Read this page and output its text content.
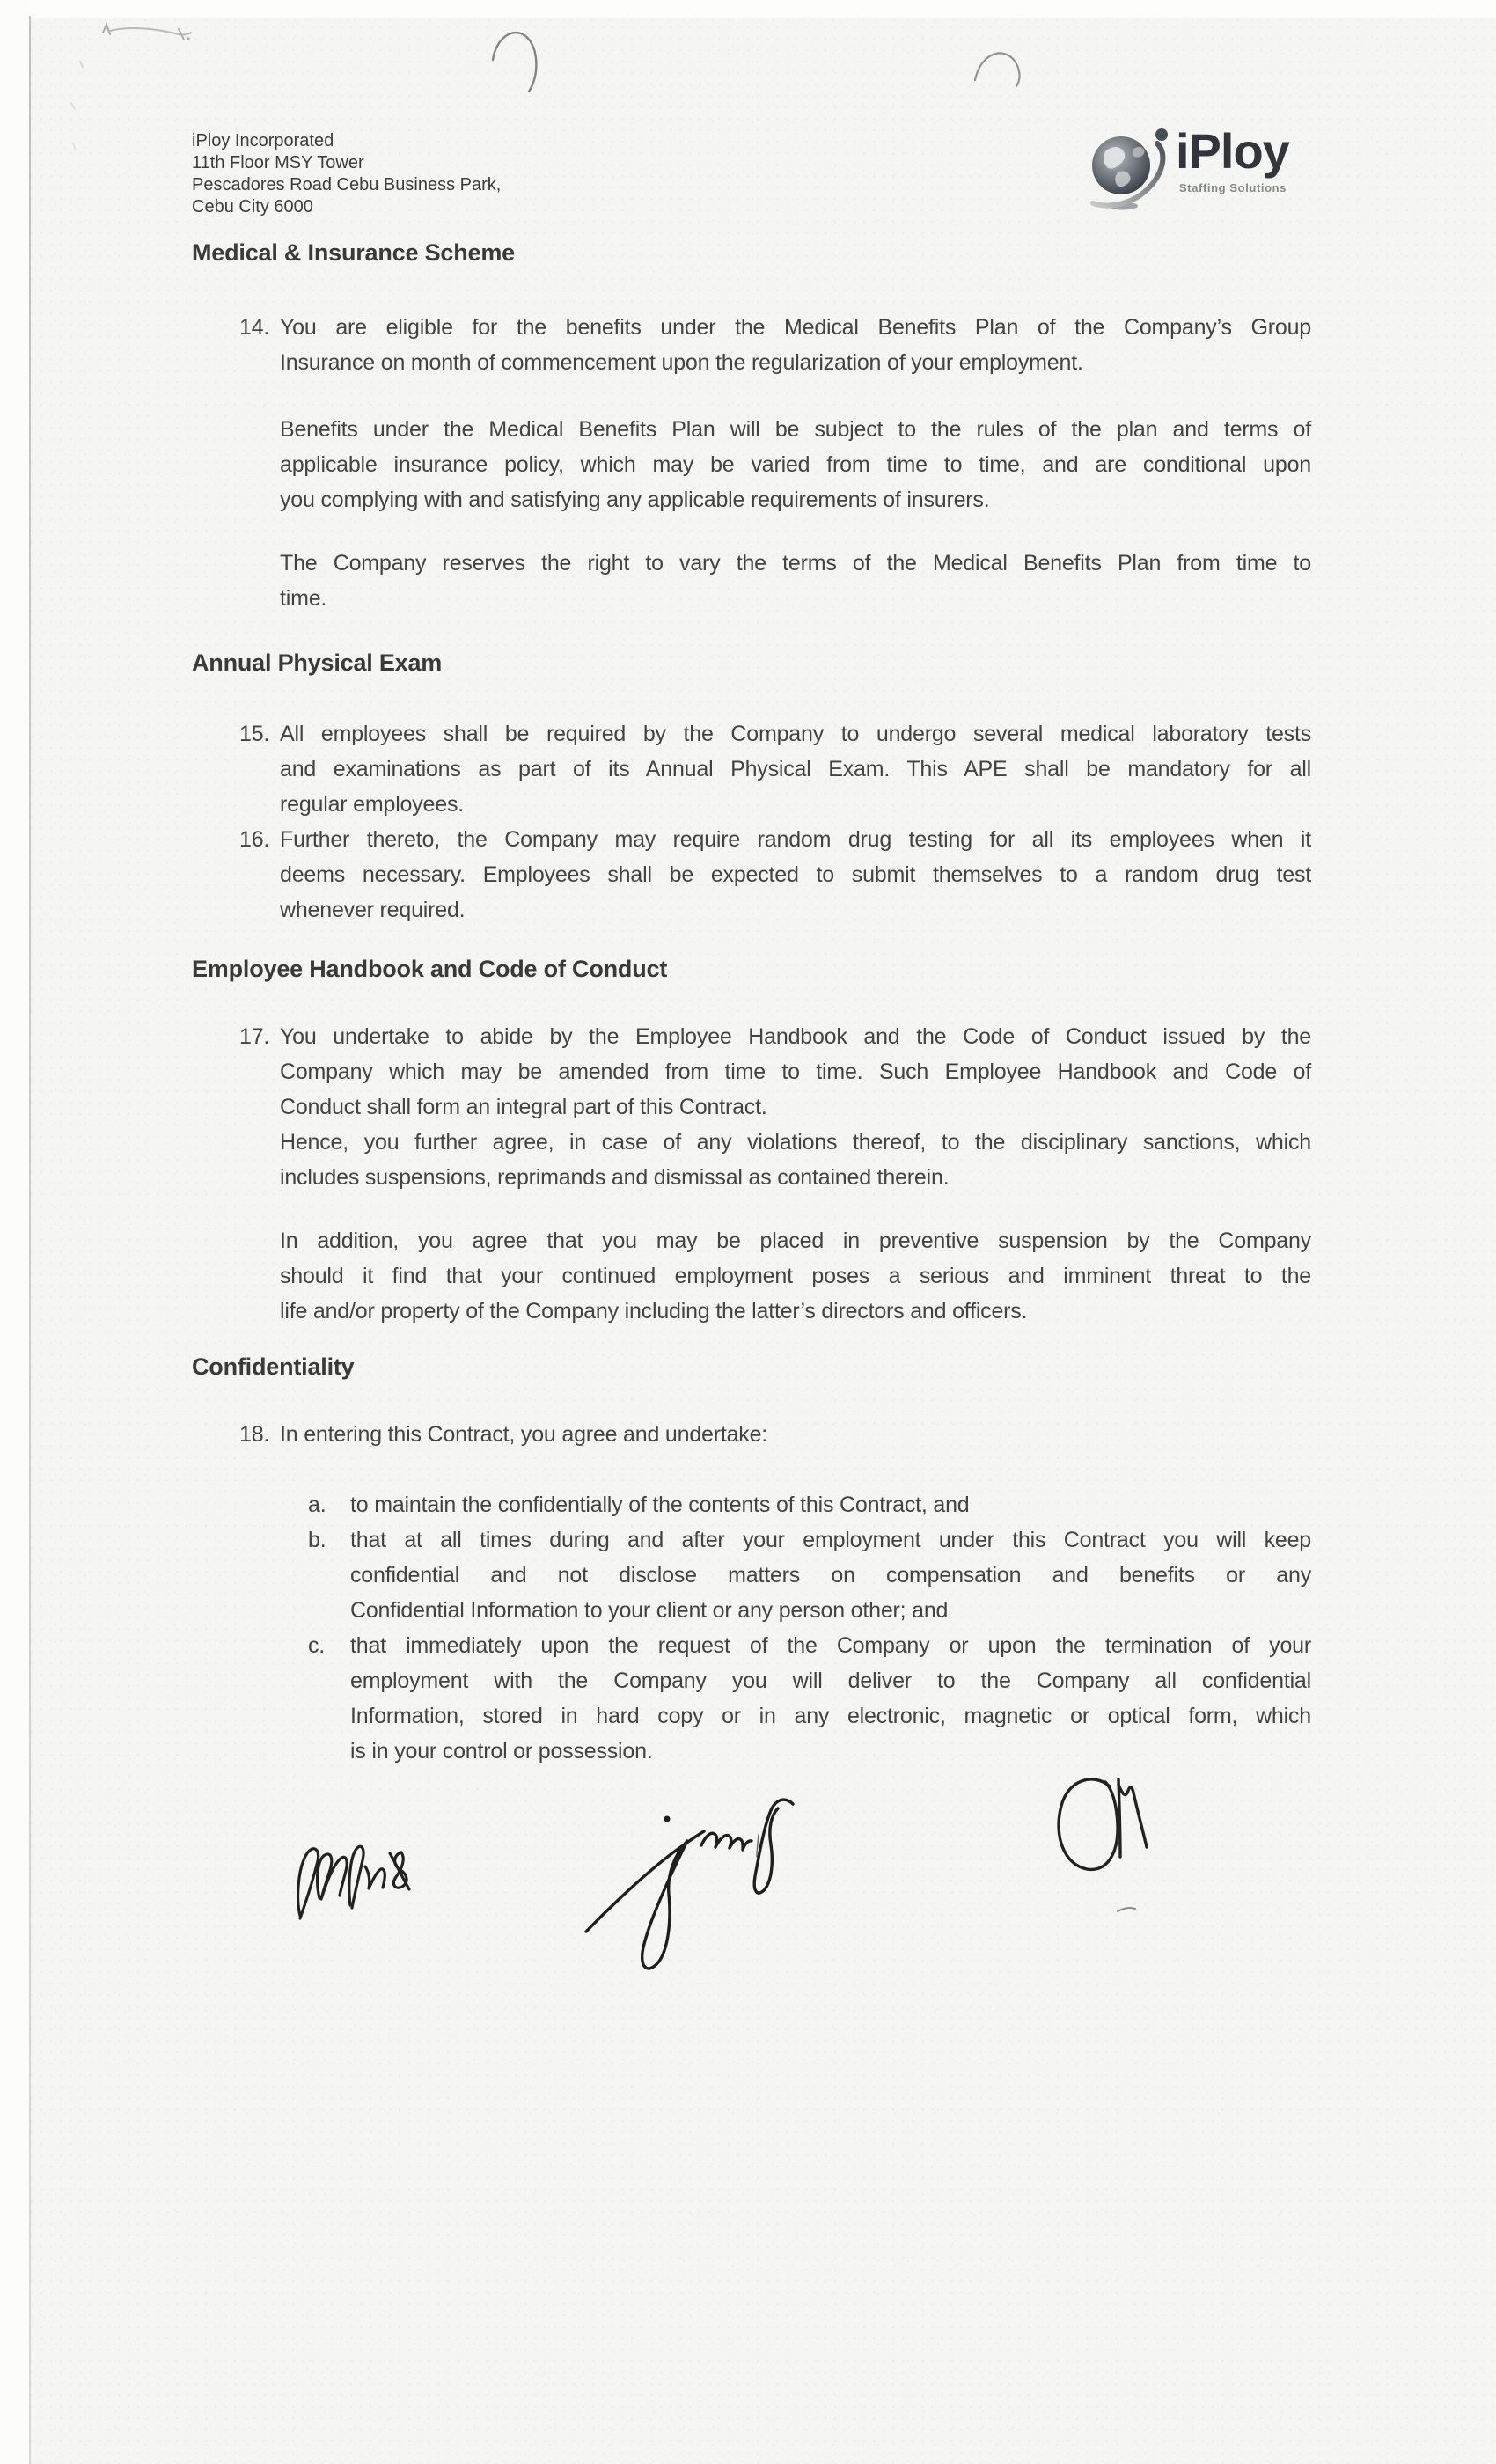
iPloy Incorporated
11th Floor MSY Tower
Pescadores Road Cebu Business Park,
Cebu City 6000
iPloy
Staffing Solutions
Medical & Insurance Scheme
14. You are eligible for the benefits under the Medical Benefits Plan of the Company’s Group
Insurance on month of commencement upon the regularization of your employment.
Benefits under the Medical Benefits Plan will be subject to the rules of the plan and terms of
applicable insurance policy, which may be varied from time to time, and are conditional upon
you complying with and satisfying any applicable requirements of insurers.
The Company reserves the right to vary the terms of the Medical Benefits Plan from time to
time.
Annual Physical Exam
15. All employees shall be required by the Company to undergo several medical laboratory tests
and examinations as part of its Annual Physical Exam. This APE shall be mandatory for all
regular employees.
16. Further thereto, the Company may require random drug testing for all its employees when it
deems necessary. Employees shall be expected to submit themselves to a random drug test
whenever required.
Employee Handbook and Code of Conduct
17. You undertake to abide by the Employee Handbook and the Code of Conduct issued by the
Company which may be amended from time to time. Such Employee Handbook and Code of
Conduct shall form an integral part of this Contract.
Hence, you further agree, in case of any violations thereof, to the disciplinary sanctions, which
includes suspensions, reprimands and dismissal as contained therein.
In addition, you agree that you may be placed in preventive suspension by the Company
should it find that your continued employment poses a serious and imminent threat to the
life and/or property of the Company including the latter’s directors and officers.
Confidentiality
18. In entering this Contract, you agree and undertake:
a. to maintain the confidentially of the contents of this Contract, and
b. that at all times during and after your employment under this Contract you will keep
confidential and not disclose matters on compensation and benefits or any
Confidential Information to your client or any person other; and
c. that immediately upon the request of the Company or upon the termination of your
employment with the Company you will deliver to the Company all confidential
Information, stored in hard copy or in any electronic, magnetic or optical form, which
is in your control or possession.
